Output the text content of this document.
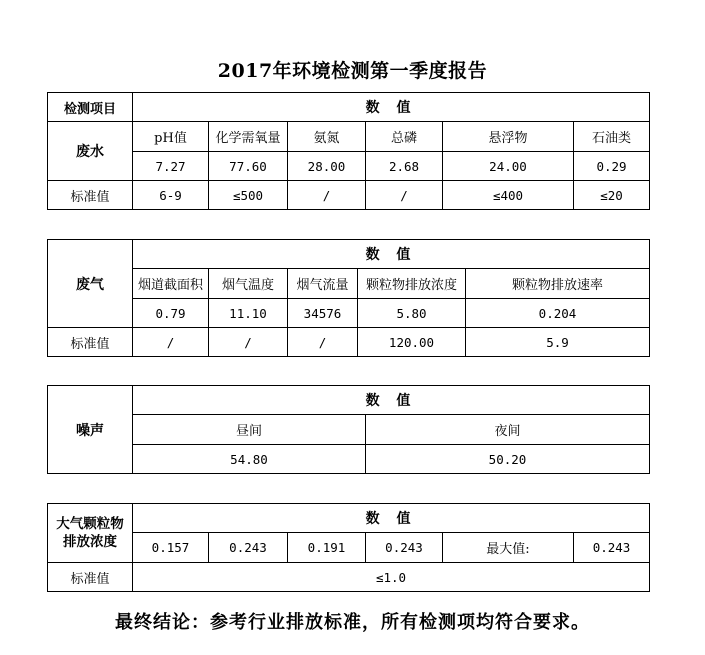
2017年环境检测第一季度报告
检测项目	数 值					
废水	pH值	化学需氧量	氨氮	总磷	悬浮物	石油类
	7.27	77.60	28.00	2.68	24.00	0.29
标准值	6-9	≤500	/	/	≤400	≤20
废气	数 值				
	烟道截面积	烟气温度	烟气流量	颗粒物排放浓度	颗粒物排放速率
	0.79	11.10	34576	5.80	0.204
标准值	/	/	/	120.00	5.9
噪声	数 值	
	昼间	夜间
	54.80	50.20
大气颗粒物
排放浓度	数 值					
	0.157	0.243	0.191	0.243	最大值:	0.243
标准值	≤1.0					
最终结论：参考行业排放标准，所有检测项均符合要求。
